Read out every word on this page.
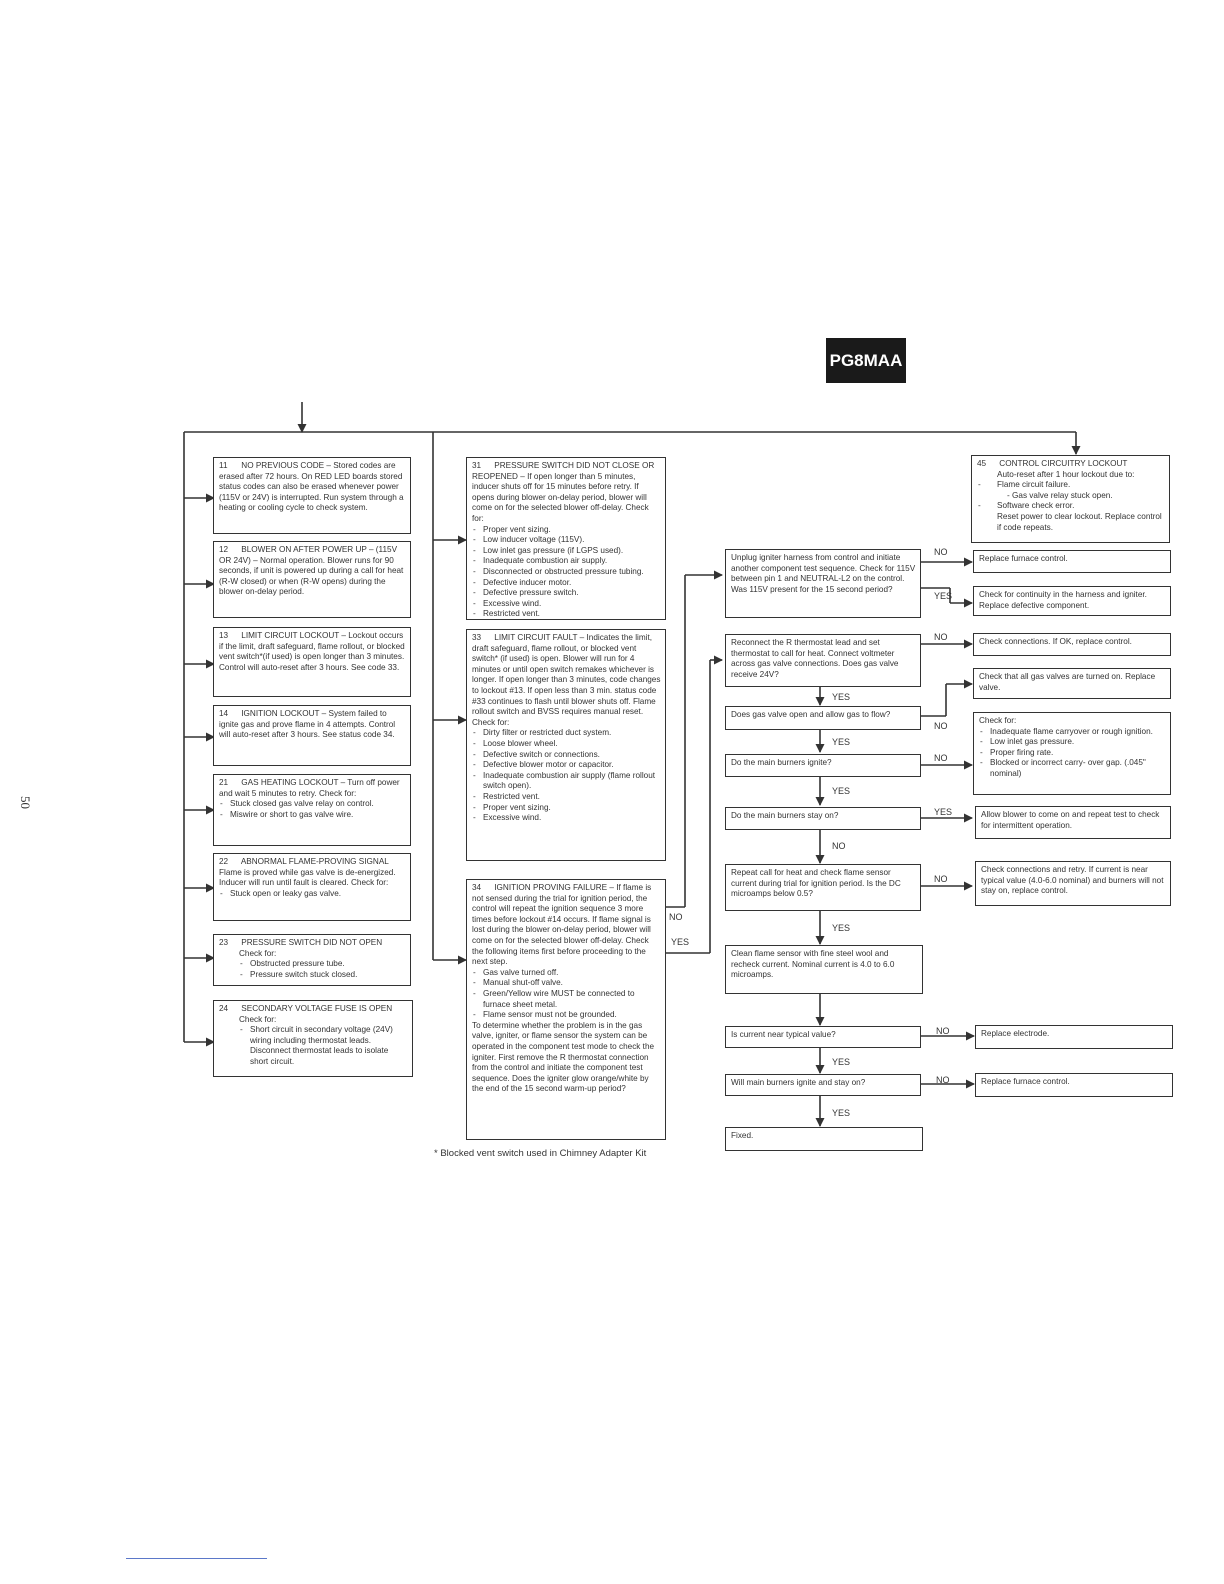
PG8MAA
11 NO PREVIOUS CODE – Stored codes are erased after 72 hours. On RED LED boards stored status codes can also be erased whenever power (115V or 24V) is interrupted. Run system through a heating or cooling cycle to check system.
12 BLOWER ON AFTER POWER UP – (115V OR 24V) – Normal operation. Blower runs for 90 seconds, if unit is powered up during a call for heat (R-W closed) or when (R-W opens) during the blower on-delay period.
13 LIMIT CIRCUIT LOCKOUT – Lockout occurs if the limit, draft safeguard, flame rollout, or blocked vent switch*(if used) is open longer than 3 minutes. Control will auto-reset after 3 hours. See code 33.
14 IGNITION LOCKOUT – System failed to ignite gas and prove flame in 4 attempts. Control will auto-reset after 3 hours. See status code 34.
21 GAS HEATING LOCKOUT – Turn off power and wait 5 minutes to retry. Check for:
- Stuck closed gas valve relay on control.
- Miswire or short to gas valve wire.
22 ABNORMAL FLAME-PROVING SIGNAL Flame is proved while gas valve is de-energized. Inducer will run until fault is cleared. Check for:
- Stuck open or leaky gas valve.
23 PRESSURE SWITCH DID NOT OPEN
Check for:
- Obstructed pressure tube.
- Pressure switch stuck closed.
24 SECONDARY VOLTAGE FUSE IS OPEN
Check for:
- Short circuit in secondary voltage (24V) wiring including thermostat leads. Disconnect thermostat leads to isolate short circuit.
31 PRESSURE SWITCH DID NOT CLOSE OR REOPENED – If open longer than 5 minutes, inducer shuts off for 15 minutes before retry. If opens during blower on-delay period, blower will come on for the selected blower off-delay. Check for:
- Proper vent sizing.
- Low inducer voltage (115V).
- Low inlet gas pressure (if LGPS used).
- Inadequate combustion air supply.
- Disconnected or obstructed pressure tubing.
- Defective inducer motor.
- Defective pressure switch.
- Excessive wind.
- Restricted vent.
33 LIMIT CIRCUIT FAULT – Indicates the limit, draft safeguard, flame rollout, or blocked vent switch* (if used) is open. Blower will run for 4 minutes or until open switch remakes whichever is longer. If open longer than 3 minutes, code changes to lockout #13. If open less than 3 min. status code #33 continues to flash until blower shuts off. Flame rollout switch and BVSS requires manual reset. Check for:
- Dirty filter or restricted duct system.
- Loose blower wheel.
- Defective switch or connections.
- Defective blower motor or capacitor.
- Inadequate combustion air supply (flame rollout switch open).
- Restricted vent.
- Proper vent sizing.
- Excessive wind.
34 IGNITION PROVING FAILURE – If flame is not sensed during the trial for ignition period, the control will repeat the ignition sequence 3 more times before lockout #14 occurs. If flame signal is lost during the blower on-delay period, blower will come on for the selected blower off-delay. Check the following items first before proceeding to the next step.
- Gas valve turned off.
- Manual shut-off valve.
- Green/Yellow wire MUST be connected to furnace sheet metal.
- Flame sensor must not be grounded.
To determine whether the problem is in the gas valve, igniter, or flame sensor the system can be operated in the component test mode to check the igniter. First remove the R thermostat connection from the control and initiate the component test sequence. Does the igniter glow orange/white by the end of the 15 second warm-up period?
* Blocked vent switch used in Chimney Adapter Kit
45 CONTROL CIRCUITRY LOCKOUT
Auto-reset after 1 hour lockout due to:
- Flame circuit failure.
- Gas valve relay stuck open.
- Software check error.
Reset power to clear lockout. Replace control if code repeats.
Unplug igniter harness from control and initiate another component test sequence. Check for 115V between pin 1 and NEUTRAL-L2 on the control. Was 115V present for the 15 second period?
Reconnect the R thermostat lead and set thermostat to call for heat. Connect voltmeter across gas valve connections. Does gas valve receive 24V?
Does gas valve open and allow gas to flow?
Do the main burners ignite?
Do the main burners stay on?
Repeat call for heat and check flame sensor current during trial for ignition period. Is the DC microamps below 0.5?
Clean flame sensor with fine steel wool and recheck current. Nominal current is 4.0 to 6.0 microamps.
Is current near typical value?
Will main burners ignite and stay on?
Fixed.
Replace furnace control.
Check for continuity in the harness and igniter. Replace defective component.
Check connections. If OK, replace control.
Check that all gas valves are turned on. Replace valve.
Check for:
- Inadequate flame carryover or rough ignition.
- Low inlet gas pressure.
- Proper firing rate.
- Blocked or incorrect carry- over gap. (.045" nominal)
Allow blower to come on and repeat test to check for intermittent operation.
Check connections and retry. If current is near typical value (4.0-6.0 nominal) and burners will not stay on, replace control.
Replace electrode.
Replace furnace control.
NO
YES
NO
YES
NO
YES
NO
YES
NO
YES
YES
NO
NO
YES
NO
YES
NO
YES
50
